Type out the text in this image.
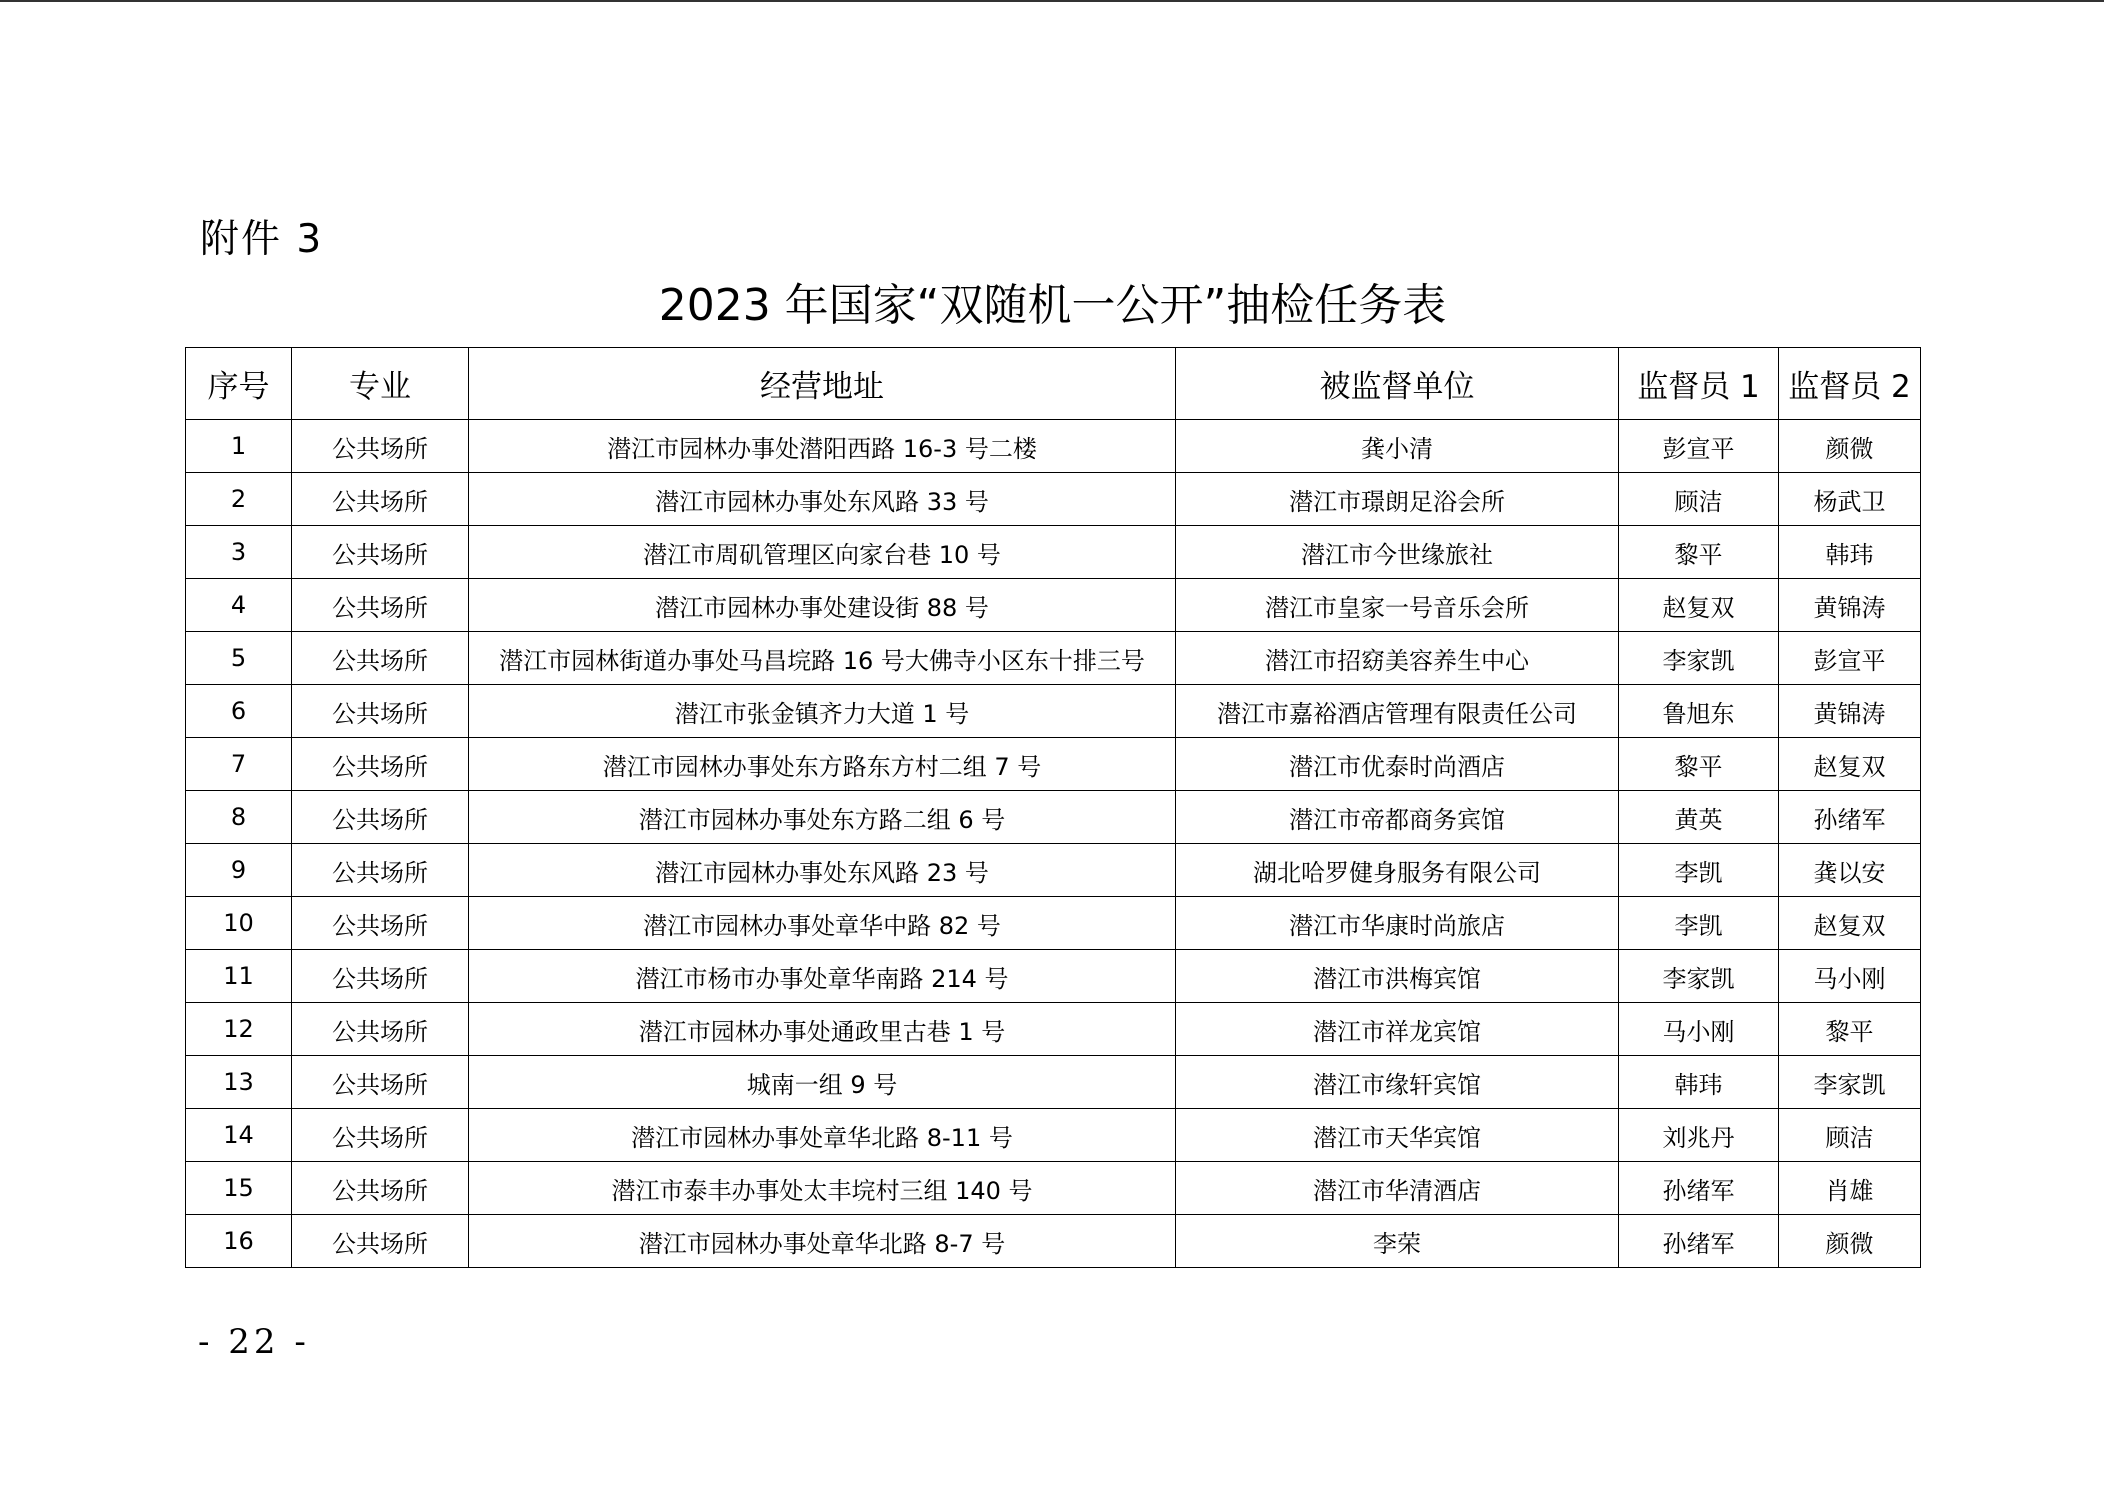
附件 3
2023 年国家“双随机一公开”抽检任务表
序号	专业	经营地址	被监督单位	监督员 1	监督员 2
1	公共场所	潜江市园林办事处潜阳西路 16-3 号二楼	龚小清	彭宣平	颜微
2	公共场所	潜江市园林办事处东风路 33 号	潜江市璟朗足浴会所	顾洁	杨武卫
3	公共场所	潜江市周矶管理区向家台巷 10 号	潜江市今世缘旅社	黎平	韩玮
4	公共场所	潜江市园林办事处建设街 88 号	潜江市皇家一号音乐会所	赵复双	黄锦涛
5	公共场所	潜江市园林街道办事处马昌垸路 16 号大佛寺小区东十排三号	潜江市招窈美容养生中心	李家凯	彭宣平
6	公共场所	潜江市张金镇齐力大道 1 号	潜江市嘉裕酒店管理有限责任公司	鲁旭东	黄锦涛
7	公共场所	潜江市园林办事处东方路东方村二组 7 号	潜江市优泰时尚酒店	黎平	赵复双
8	公共场所	潜江市园林办事处东方路二组 6 号	潜江市帝都商务宾馆	黄英	孙绪军
9	公共场所	潜江市园林办事处东风路 23 号	湖北哈罗健身服务有限公司	李凯	龚以安
10	公共场所	潜江市园林办事处章华中路 82 号	潜江市华康时尚旅店	李凯	赵复双
11	公共场所	潜江市杨市办事处章华南路 214 号	潜江市洪梅宾馆	李家凯	马小刚
12	公共场所	潜江市园林办事处通政里古巷 1 号	潜江市祥龙宾馆	马小刚	黎平
13	公共场所	城南一组 9 号	潜江市缘轩宾馆	韩玮	李家凯
14	公共场所	潜江市园林办事处章华北路 8-11 号	潜江市天华宾馆	刘兆丹	顾洁
15	公共场所	潜江市泰丰办事处太丰垸村三组 140 号	潜江市华清酒店	孙绪军	肖雄
16	公共场所	潜江市园林办事处章华北路 8-7 号	李荣	孙绪军	颜微
- 22 -
